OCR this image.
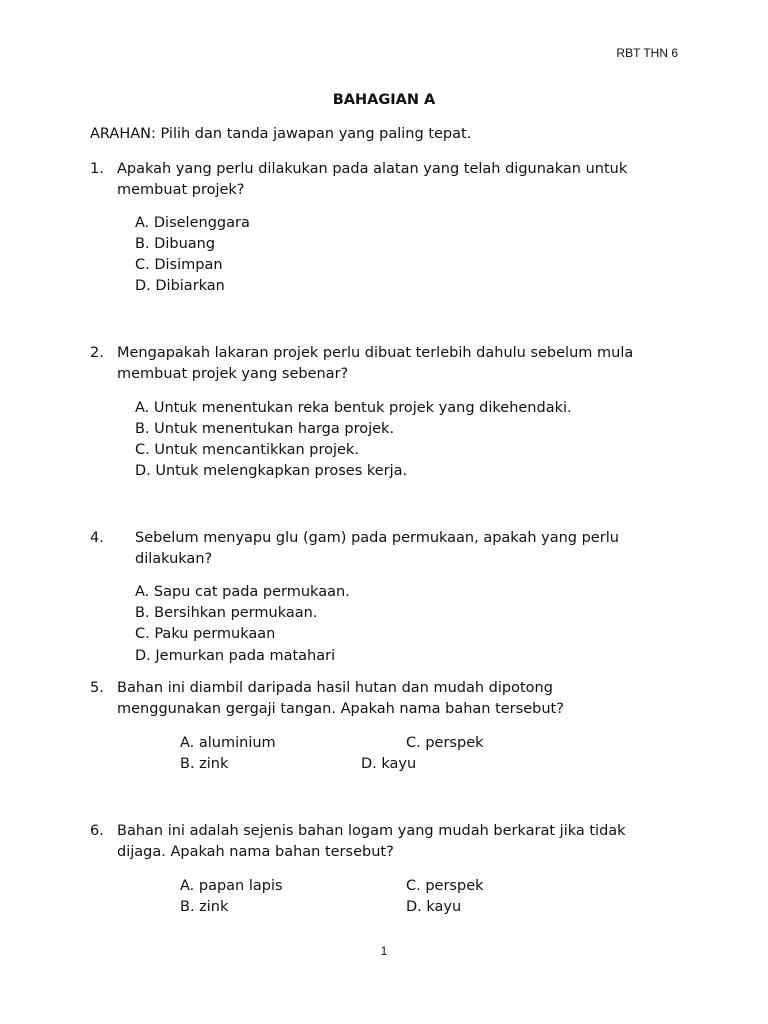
RBT THN 6
BAHAGIAN A
ARAHAN: Pilih dan tanda jawapan yang paling tepat.
1. Apakah yang perlu dilakukan pada alatan yang telah digunakan untuk
membuat projek?
A. Diselenggara
B. Dibuang
C. Disimpan
D. Dibiarkan
2. Mengapakah lakaran projek perlu dibuat terlebih dahulu sebelum mula
membuat projek yang sebenar?
A. Untuk menentukan reka bentuk projek yang dikehendaki.
B. Untuk menentukan harga projek.
C. Untuk mencantikkan projek.
D. Untuk melengkapkan proses kerja.
4. Sebelum menyapu glu (gam) pada permukaan, apakah yang perlu
dilakukan?
A. Sapu cat pada permukaan.
B. Bersihkan permukaan.
C. Paku permukaan
D. Jemurkan pada matahari
5. Bahan ini diambil daripada hasil hutan dan mudah dipotong
menggunakan gergaji tangan. Apakah nama bahan tersebut?
A. aluminium	C. perspek
B. zink	D. kayu
6. Bahan ini adalah sejenis bahan logam yang mudah berkarat jika tidak
dijaga. Apakah nama bahan tersebut?
A. papan lapis	C. perspek
B. zink	D. kayu
1
